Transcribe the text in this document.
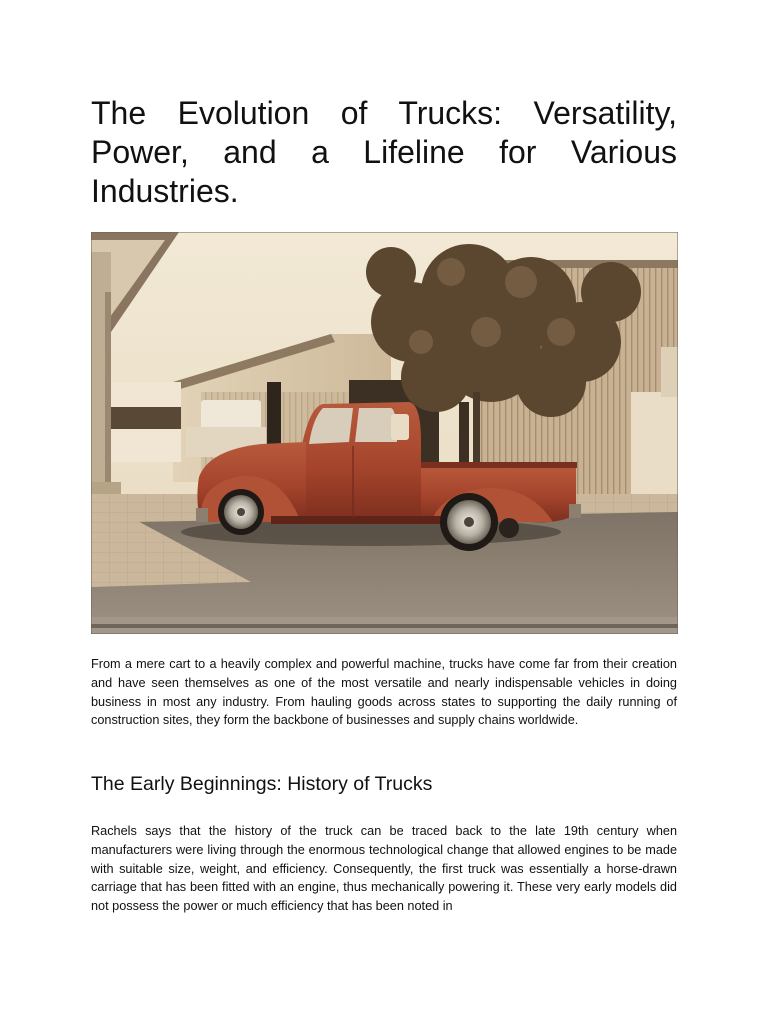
The Evolution of Trucks: Versatility, Power, and a Lifeline for Various Industries.

From a mere cart to a heavily complex and powerful machine, trucks have come far from their creation and have seen themselves as one of the most versatile and nearly indispensable vehicles in doing business in most any industry. From hauling goods across states to supporting the daily running of construction sites, they form the backbone of businesses and supply chains worldwide.

The Early Beginnings: History of Trucks

Rachels says that the history of the truck can be traced back to the late 19th century when manufacturers were living through the enormous technological change that allowed engines to be made with suitable size, weight, and efficiency. Consequently, the first truck was essentially a horse-drawn carriage that has been fitted with an engine, thus mechanically powering it. These very early models did not possess the power or much efficiency that has been noted in
